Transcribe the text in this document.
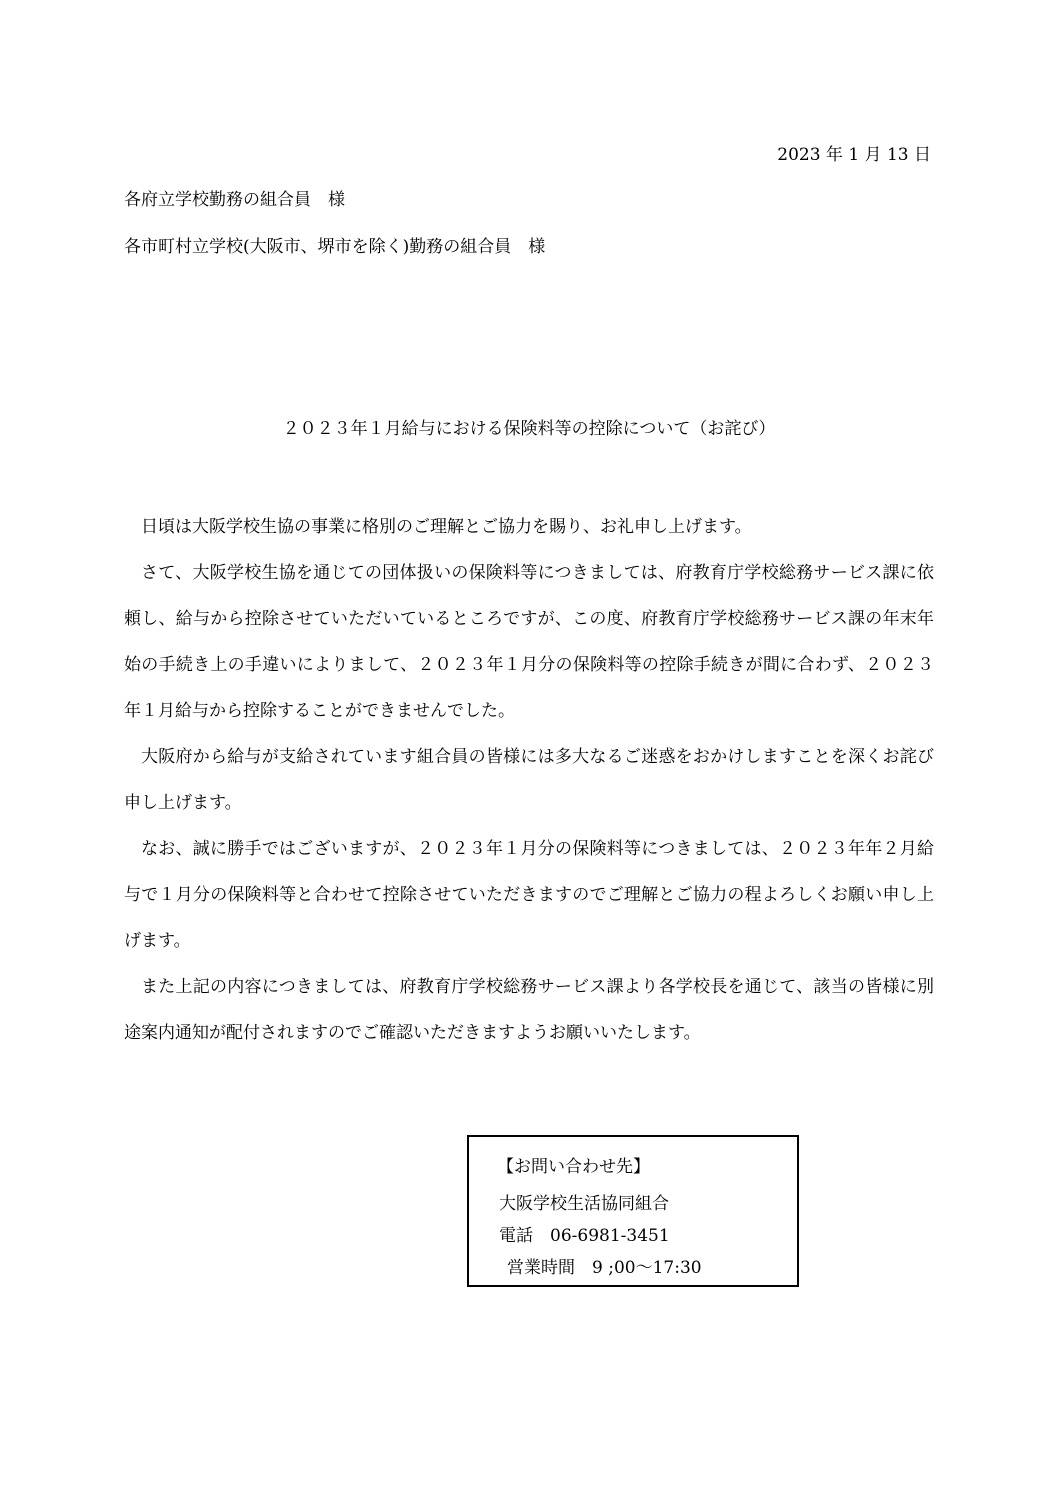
2023 年 1 月 13 日
各府立学校勤務の組合員　様
各市町村立学校(大阪市、堺市を除く)勤務の組合員　様
２０２３年１月給与における保険料等の控除について（お詫び）

日頃は大阪学校生協の事業に格別のご理解とご協力を賜り、お礼申し上げます。

さて、大阪学校生協を通じての団体扱いの保険料等につきましては、府教育庁学校総務サービス課に依頼し、給与から控除させていただいているところですが、この度、府教育庁学校総務サービス課の年末年始の手続き上の手違いによりまして、２０２３年１月分の保険料等の控除手続きが間に合わず、２０２３年１月給与から控除することができませんでした。

大阪府から給与が支給されています組合員の皆様には多大なるご迷惑をおかけしますことを深くお詫び申し上げます。

なお、誠に勝手ではございますが、２０２３年１月分の保険料等につきましては、２０２３年年２月給与で１月分の保険料等と合わせて控除させていただきますのでご理解とご協力の程よろしくお願い申し上げます。

また上記の内容につきましては、府教育庁学校総務サービス課より各学校長を通じて、該当の皆様に別途案内通知が配付されますのでご確認いただきますようお願いいたします。

【お問い合わせ先】
大阪学校生活協同組合
電話　06-6981-3451
営業時間　9 ;00～17:30
